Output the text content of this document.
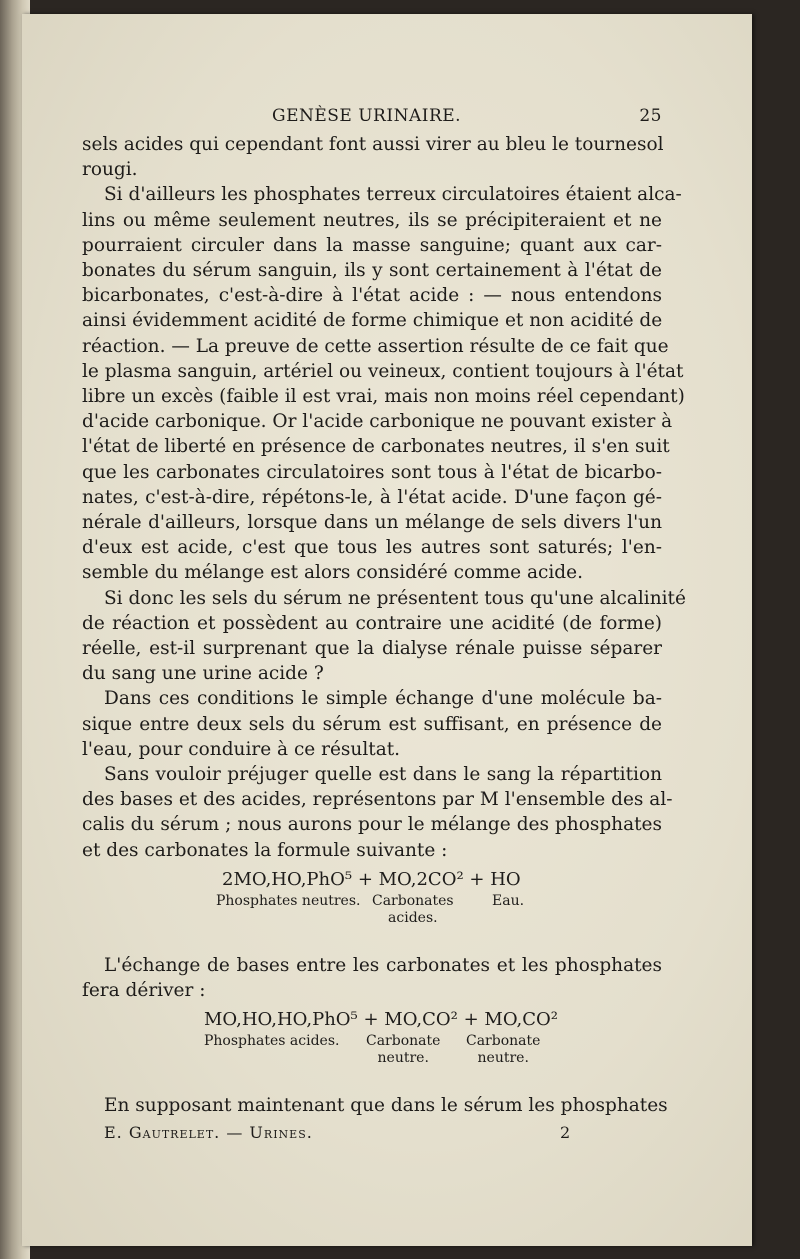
GENÈSE URINAIRE.	25

sels acides qui cependant font aussi virer au bleu le tournesol
rougi.

Si d'ailleurs les phosphates terreux circulatoires étaient alca-
lins ou même seulement neutres, ils se précipiteraient et ne
pourraient circuler dans la masse sanguine; quant aux car-
bonates du sérum sanguin, ils y sont certainement à l'état de
bicarbonates, c'est-à-dire à l'état acide : — nous entendons
ainsi évidemment acidité de forme chimique et non acidité de
réaction. — La preuve de cette assertion résulte de ce fait que
le plasma sanguin, artériel ou veineux, contient toujours à l'état
libre un excès (faible il est vrai, mais non moins réel cependant)
d'acide carbonique. Or l'acide carbonique ne pouvant exister à
l'état de liberté en présence de carbonates neutres, il s'en suit
que les carbonates circulatoires sont tous à l'état de bicarbo-
nates, c'est-à-dire, répétons-le, à l'état acide. D'une façon gé-
nérale d'ailleurs, lorsque dans un mélange de sels divers l'un
d'eux est acide, c'est que tous les autres sont saturés; l'en-
semble du mélange est alors considéré comme acide.

Si donc les sels du sérum ne présentent tous qu'une alcalinité
de réaction et possèdent au contraire une acidité (de forme)
réelle, est-il surprenant que la dialyse rénale puisse séparer
du sang une urine acide ?

Dans ces conditions le simple échange d'une molécule ba-
sique entre deux sels du sérum est suffisant, en présence de
l'eau, pour conduire à ce résultat.

Sans vouloir préjuger quelle est dans le sang la répartition
des bases et des acides, représentons par M l'ensemble des al-
calis du sérum ; nous aurons pour le mélange des phosphates
et des carbonates la formule suivante :

2MO,HO,PhO⁵ + MO,2CO² + HO
Phosphates neutres. Carbonates
acides.
Eau.

L'échange de bases entre les carbonates et les phosphates
fera dériver :

MO,HO,HO,PhO⁵ + MO,CO² + MO,CO²
Phosphates acides. Carbonate
neutre.
Carbonate
neutre.

En supposant maintenant que dans le sérum les phosphates

E. Gautrelet. — Urines.	2
